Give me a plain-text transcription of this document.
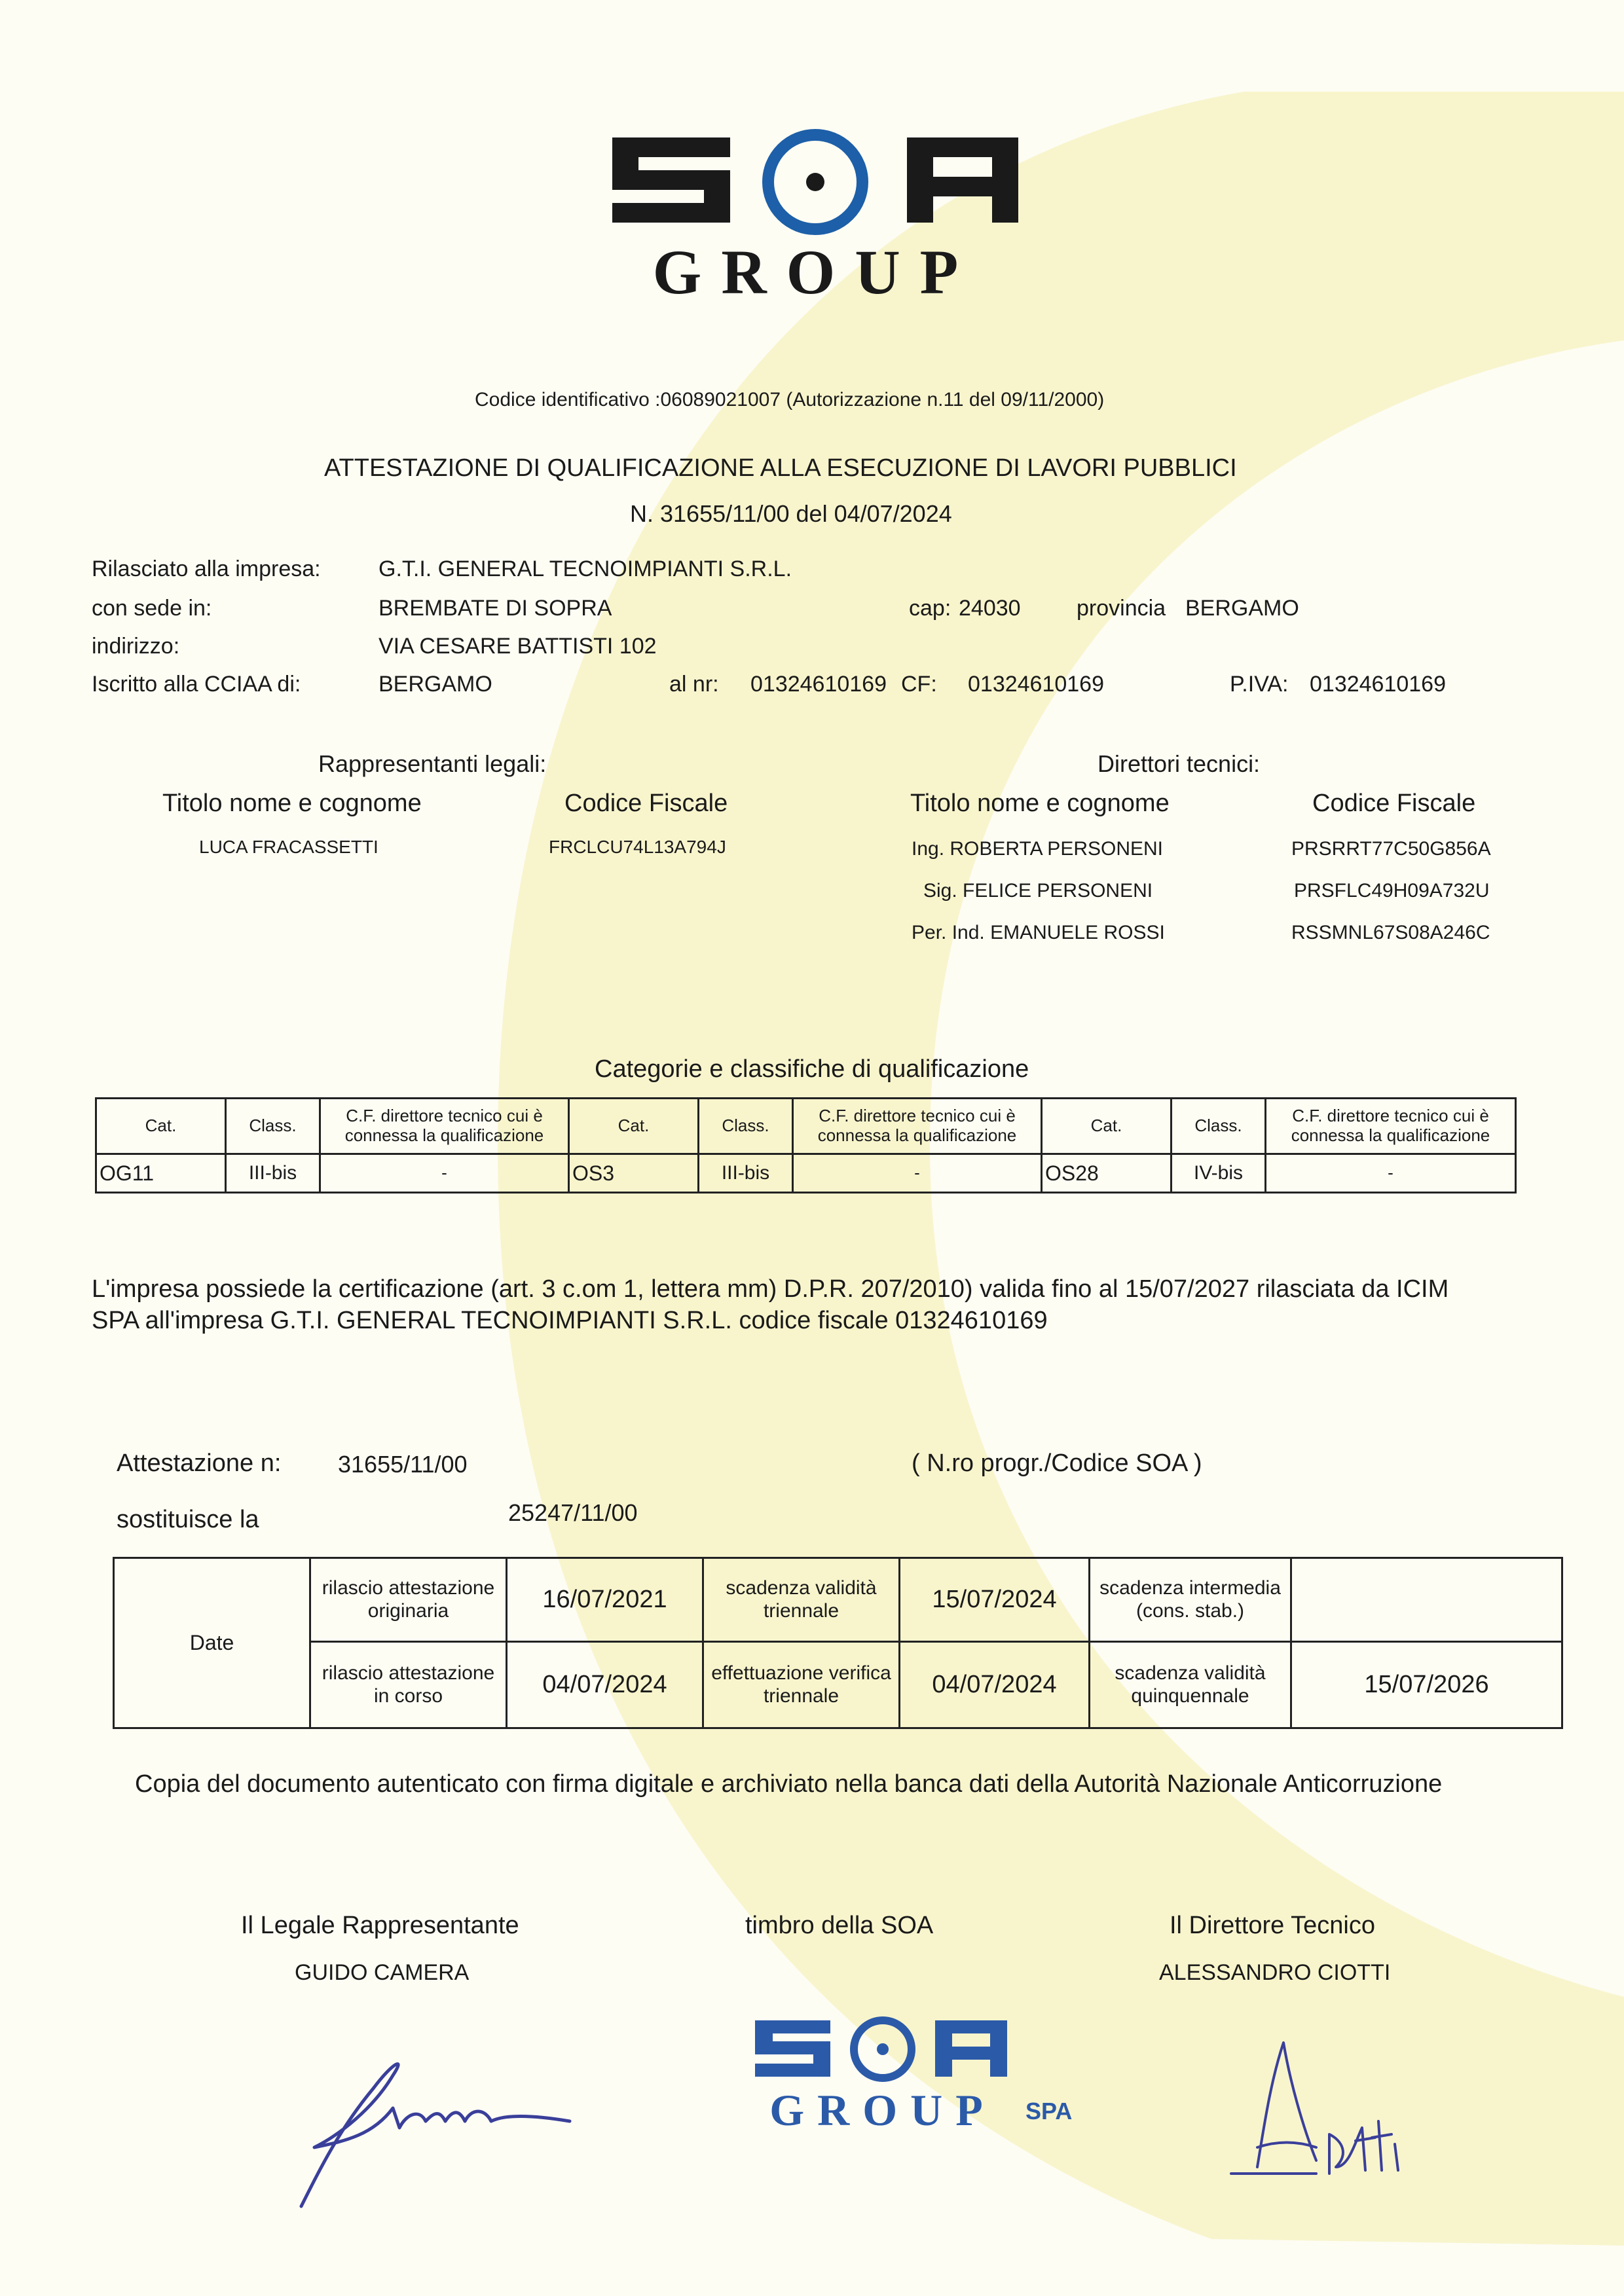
GROUP
Codice identificativo :06089021007 (Autorizzazione n.11 del 09/11/2000)
ATTESTAZIONE DI QUALIFICAZIONE ALLA ESECUZIONE DI LAVORI PUBBLICI
N. 31655/11/00 del 04/07/2024
Rilasciato alla impresa:	G.T.I. GENERAL TECNOIMPIANTI S.R.L.
con sede in:	BREMBATE DI SOPRA	cap: 24030	provincia BERGAMO
indirizzo:	VIA CESARE BATTISTI 102
Iscritto alla CCIAA di:	BERGAMO	al nr: 01324610169 CF: 01324610169	P.IVA: 01324610169
Rappresentanti legali:
Titolo nome e cognome	Codice Fiscale
LUCA FRACASSETTI	FRCLCU74L13A794J
Direttori tecnici:
Titolo nome e cognome	Codice Fiscale
Ing. ROBERTA PERSONENI	PRSRRT77C50G856A
Sig. FELICE PERSONENI	PRSFLC49H09A732U
Per. Ind. EMANUELE ROSSI	RSSMNL67S08A246C
Categorie e classifiche di qualificazione
Cat.	Class.	C.F. direttore tecnico cui è connessa la qualificazione	Cat.	Class.	C.F. direttore tecnico cui è connessa la qualificazione	Cat.	Class.	C.F. direttore tecnico cui è connessa la qualificazione
OG11	III-bis	-	OS3	III-bis	-	OS28	IV-bis	-
L'impresa possiede la certificazione (art. 3 c.om 1, lettera mm) D.P.R. 207/2010) valida fino al 15/07/2027 rilasciata da ICIM
SPA all'impresa G.T.I. GENERAL TECNOIMPIANTI S.R.L. codice fiscale 01324610169
Attestazione n: 31655/11/00	( N.ro progr./Codice SOA )
sostituisce la	25247/11/00
Date	rilascio attestazione originaria	16/07/2021	scadenza validità triennale	15/07/2024	scadenza intermedia (cons. stab.)	
	rilascio attestazione in corso	04/07/2024	effettuazione verifica triennale	04/07/2024	scadenza validità quinquennale	15/07/2026
Copia del documento autenticato con firma digitale e archiviato nella banca dati della Autorità Nazionale Anticorruzione
Il Legale Rappresentante
GUIDO CAMERA
timbro della SOA	Il Direttore Tecnico
ALESSANDRO CIOTTI
GROUP	SPA
